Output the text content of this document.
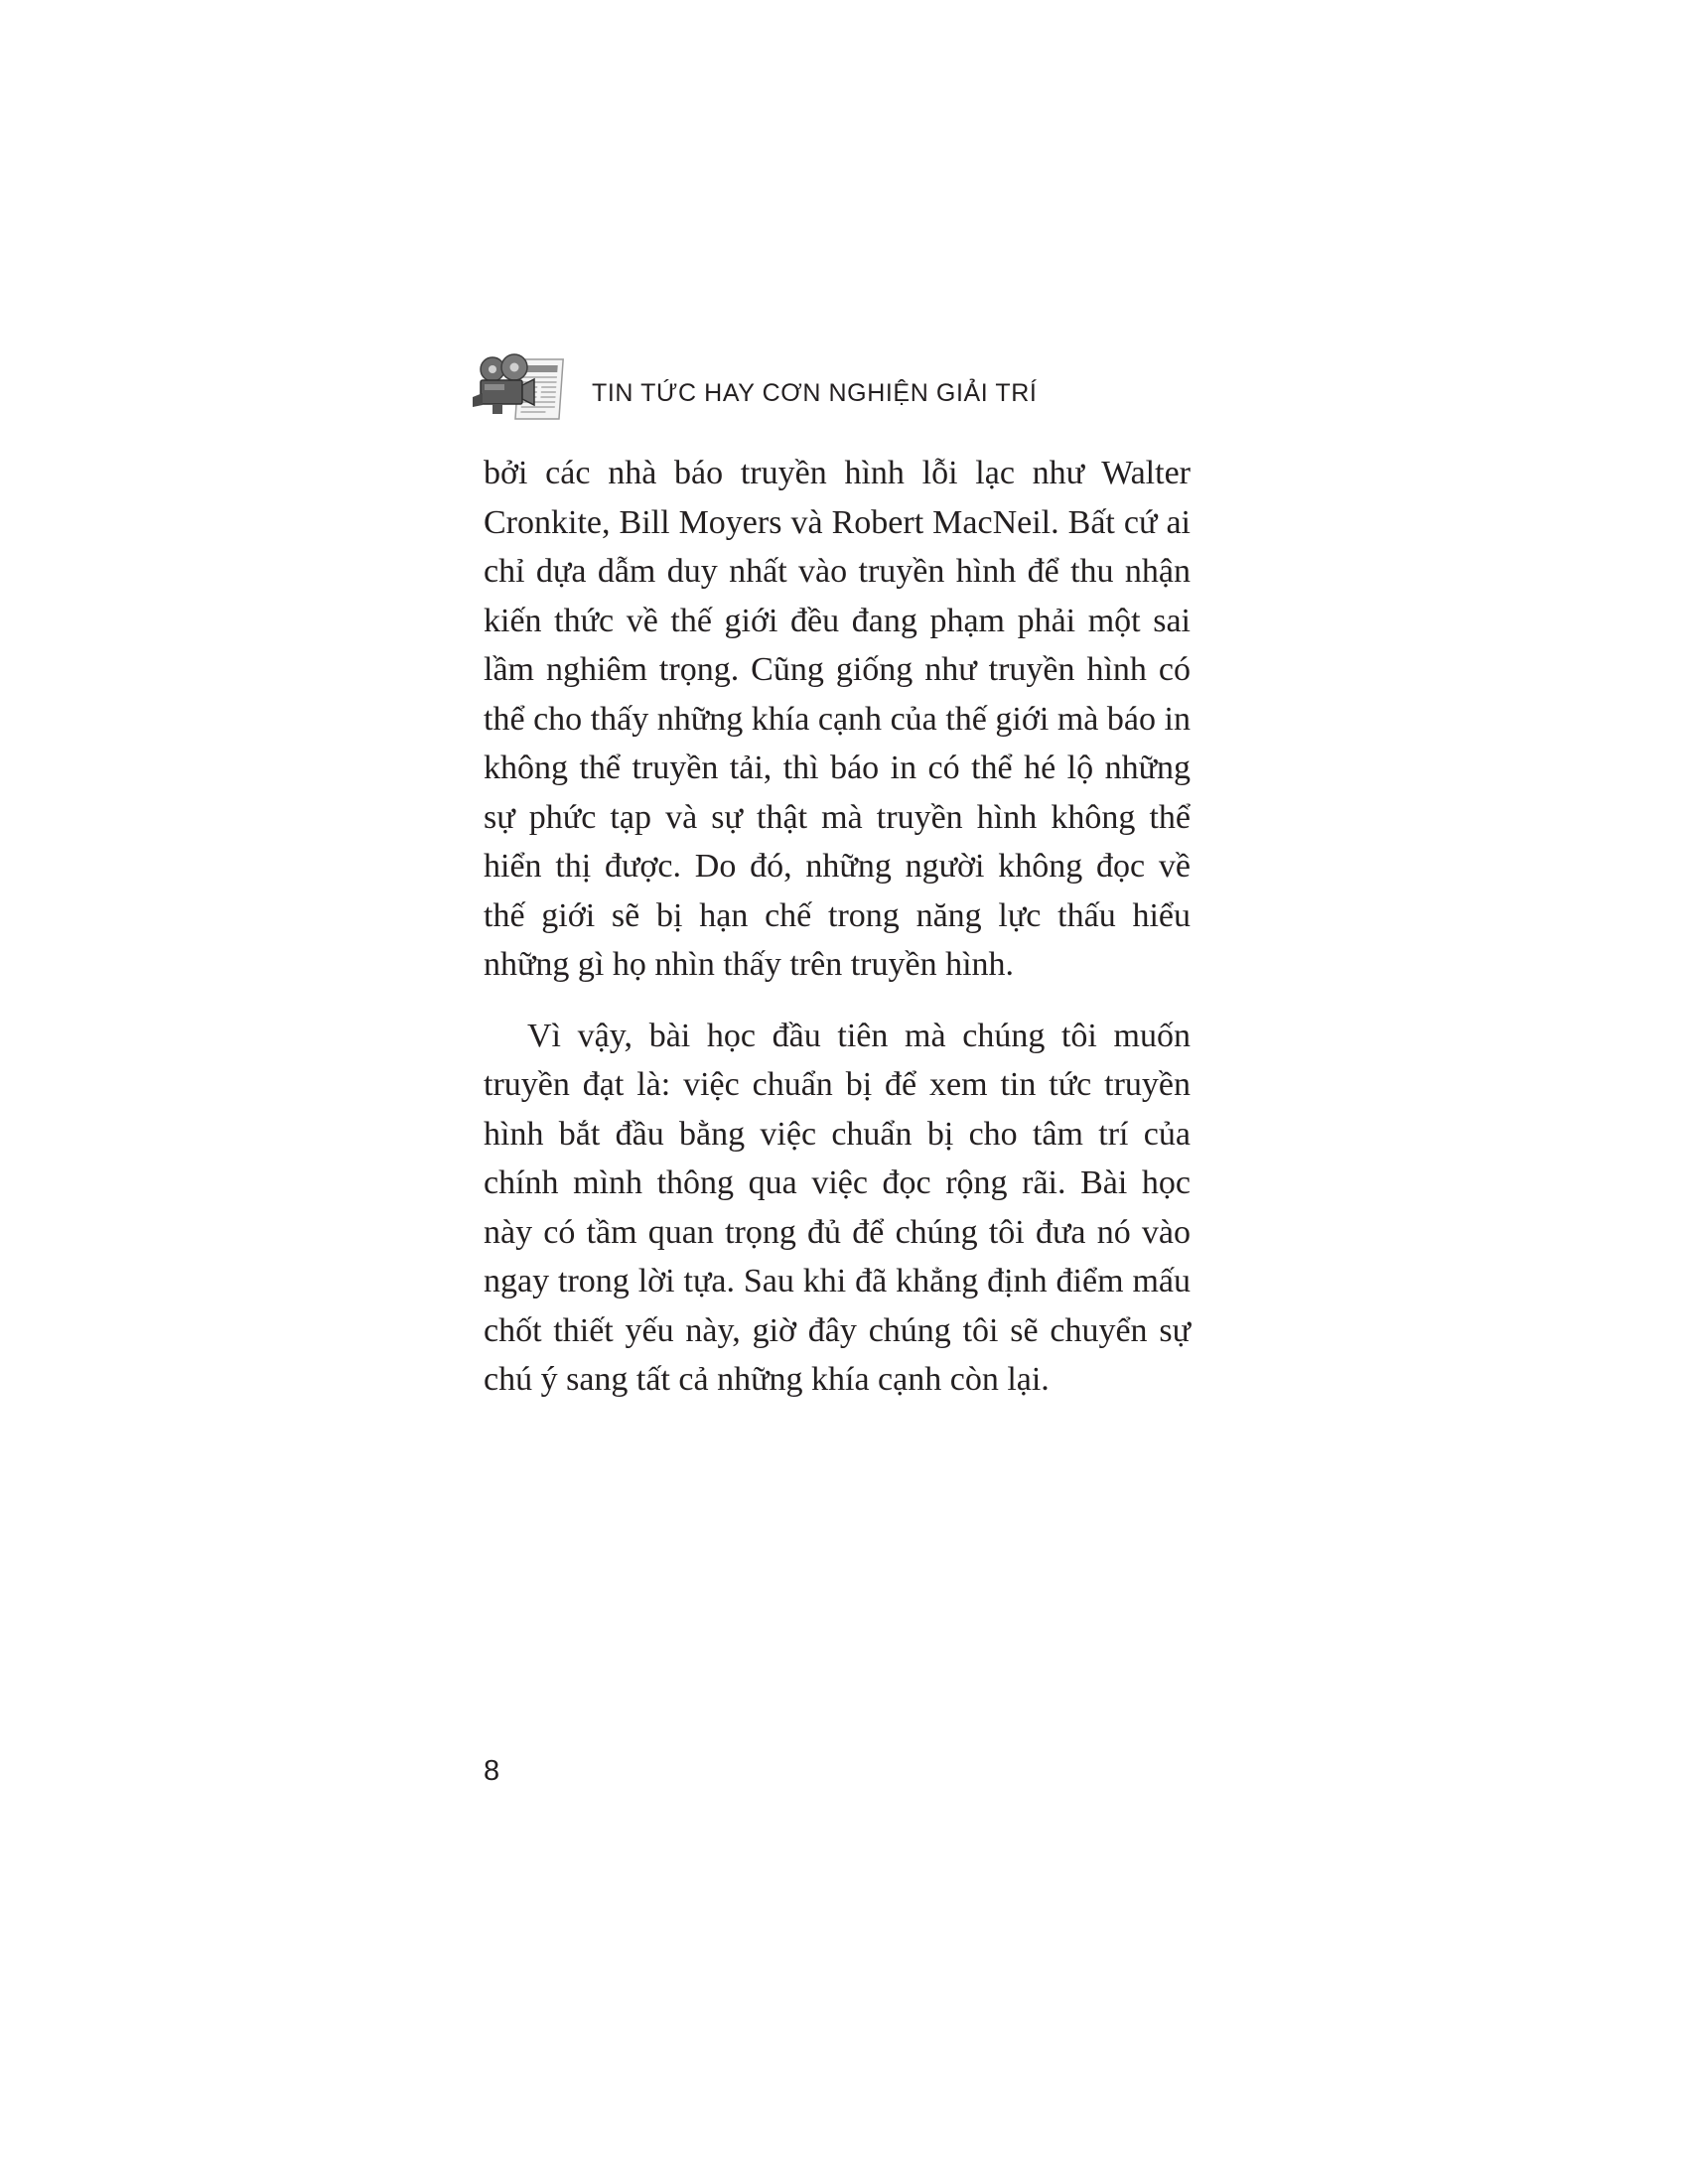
TIN TỨC HAY CƠN NGHIỆN GIẢI TRÍ

bởi các nhà báo truyền hình lỗi lạc như Walter Cronkite, Bill Moyers và Robert MacNeil. Bất cứ ai chỉ dựa dẫm duy nhất vào truyền hình để thu nhận kiến thức về thế giới đều đang phạm phải một sai lầm nghiêm trọng. Cũng giống như truyền hình có thể cho thấy những khía cạnh của thế giới mà báo in không thể truyền tải, thì báo in có thể hé lộ những sự phức tạp và sự thật mà truyền hình không thể hiển thị được. Do đó, những người không đọc về thế giới sẽ bị hạn chế trong năng lực thấu hiểu những gì họ nhìn thấy trên truyền hình.

Vì vậy, bài học đầu tiên mà chúng tôi muốn truyền đạt là: việc chuẩn bị để xem tin tức truyền hình bắt đầu bằng việc chuẩn bị cho tâm trí của chính mình thông qua việc đọc rộng rãi. Bài học này có tầm quan trọng đủ để chúng tôi đưa nó vào ngay trong lời tựa. Sau khi đã khẳng định điểm mấu chốt thiết yếu này, giờ đây chúng tôi sẽ chuyển sự chú ý sang tất cả những khía cạnh còn lại.

8
